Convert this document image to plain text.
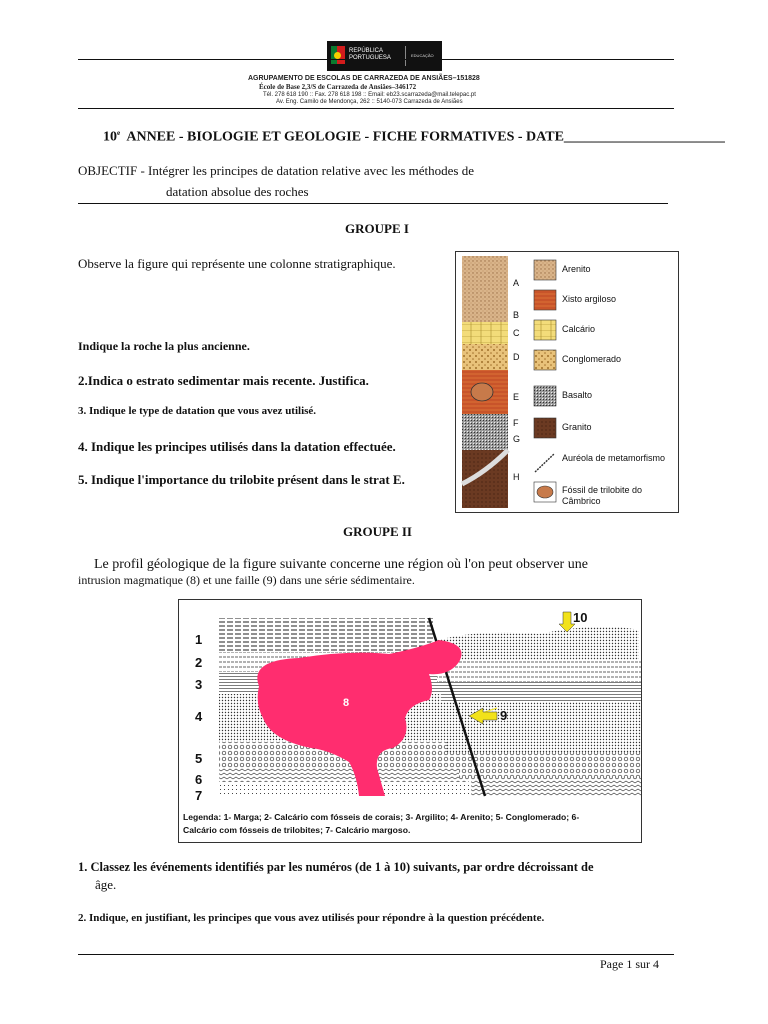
REPÚBLICA
PORTUGUESA	EDUCAÇÃO
AGRUPAMENTO DE ESCOLAS DE CARRAZEDA DE ANSIÃES–151828
École de Base 2,3/S de Carrazeda de Ansiães–346172
Tél. 278 618 190 :: Fax. 278 618 198 :: Email: eb23.scarrazeda@mail.telepac.pt
Av. Eng. Camilo de Mendonça, 262 :: 5140-073 Carrazeda de Ansiães
10e ANNEE - BIOLOGIE ET GEOLOGIE - FICHE FORMATIVES - DATE_______________________
OBJECTIF - Intégrer les principes de datation relative avec les méthodes de
datation absolue des roches
GROUPE I
Observe la figure qui représente une colonne stratigraphique.
Indique la roche la plus ancienne.
2.Indica o estrato sedimentar mais recente. Justifica.
3. Indique le type de datation que vous avez utilisé.
4. Indique les principes utilisés dans la datation effectuée.
5. Indique l'importance du trilobite présent dans le strat E.
A
B
C
D
E
F
G
H
Arenito
Xisto argiloso
Calcário
Conglomerado
Basalto
Granito
Auréola de metamorfismo
Fóssil de trilobite do Câmbrico
GROUPE II
Le profil géologique de la figure suivante concerne une région où l'on peut observer une
intrusion magmatique (8) et une faille (9) dans une série sédimentaire.
1
2
3
4
5
6
7
8
9
10
Legenda: 1- Marga; 2- Calcário com fósseis de corais; 3- Argilito; 4- Arenito; 5- Conglomerado; 6-
Calcário com fósseis de trilobites; 7- Calcário margoso.
1. Classez les événements identifiés par les numéros (de 1 à 10) suivants, par ordre décroissant de
âge.
2. Indique, en justifiant, les principes que vous avez utilisés pour répondre à la question précédente.
Page 1 sur 4
